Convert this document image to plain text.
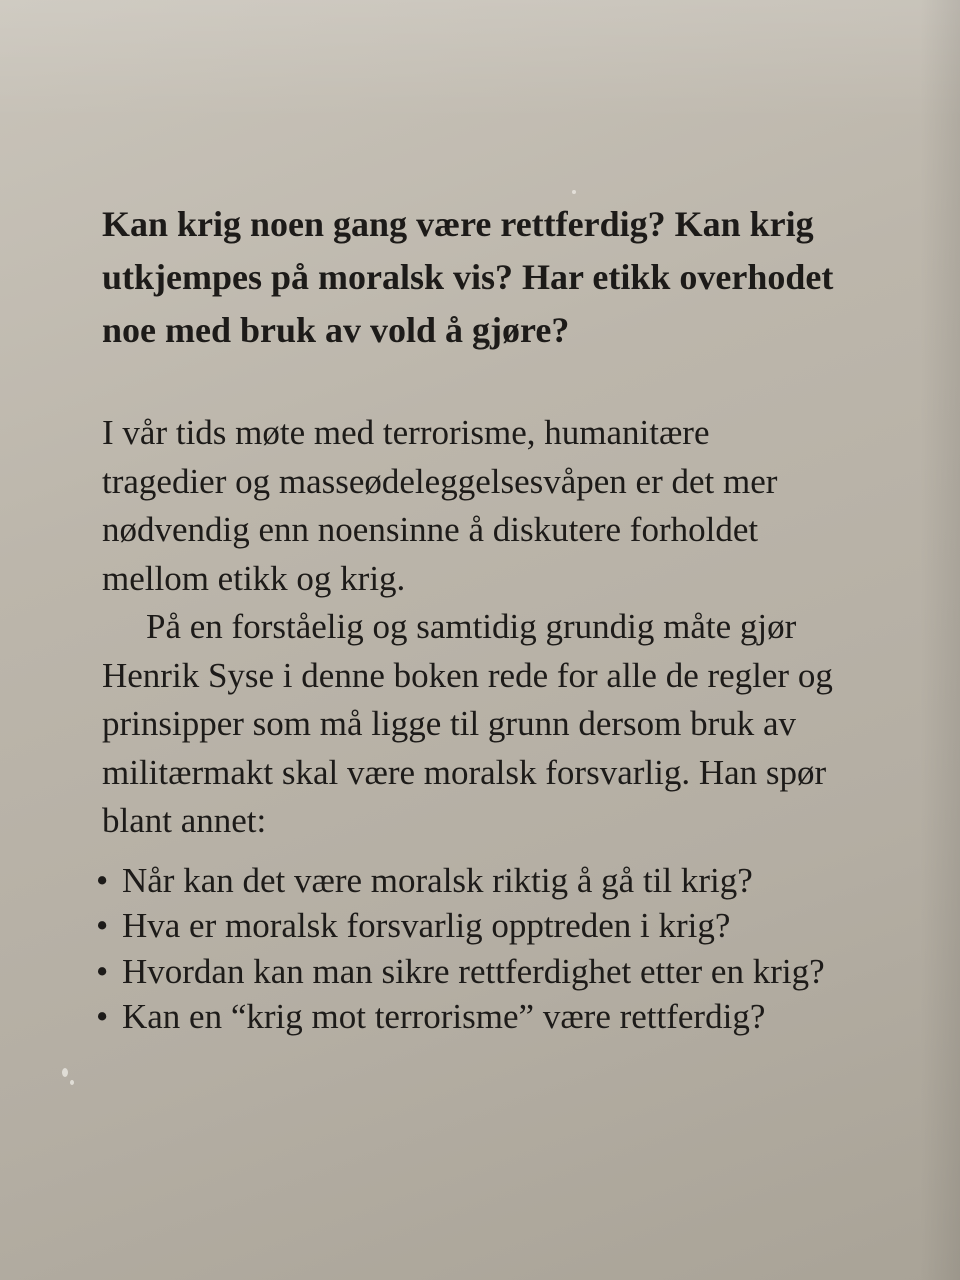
Kan krig noen gang være rettferdig? Kan krig
utkjempes på moralsk vis? Har etikk overhodet
noe med bruk av vold å gjøre?

I vår tids møte med terrorisme, humanitære
tragedier og masseødeleggelsesvåpen er det mer
nødvendig enn noensinne å diskutere forholdet
mellom etikk og krig.

På en forståelig og samtidig grundig måte gjør
Henrik Syse i denne boken rede for alle de regler og
prinsipper som må ligge til grunn dersom bruk av
militærmakt skal være moralsk forsvarlig. Han spør
blant annet:

• Når kan det være moralsk riktig å gå til krig?
• Hva er moralsk forsvarlig opptreden i krig?
• Hvordan kan man sikre rettferdighet etter en krig?
• Kan en “krig mot terrorisme” være rettferdig?
